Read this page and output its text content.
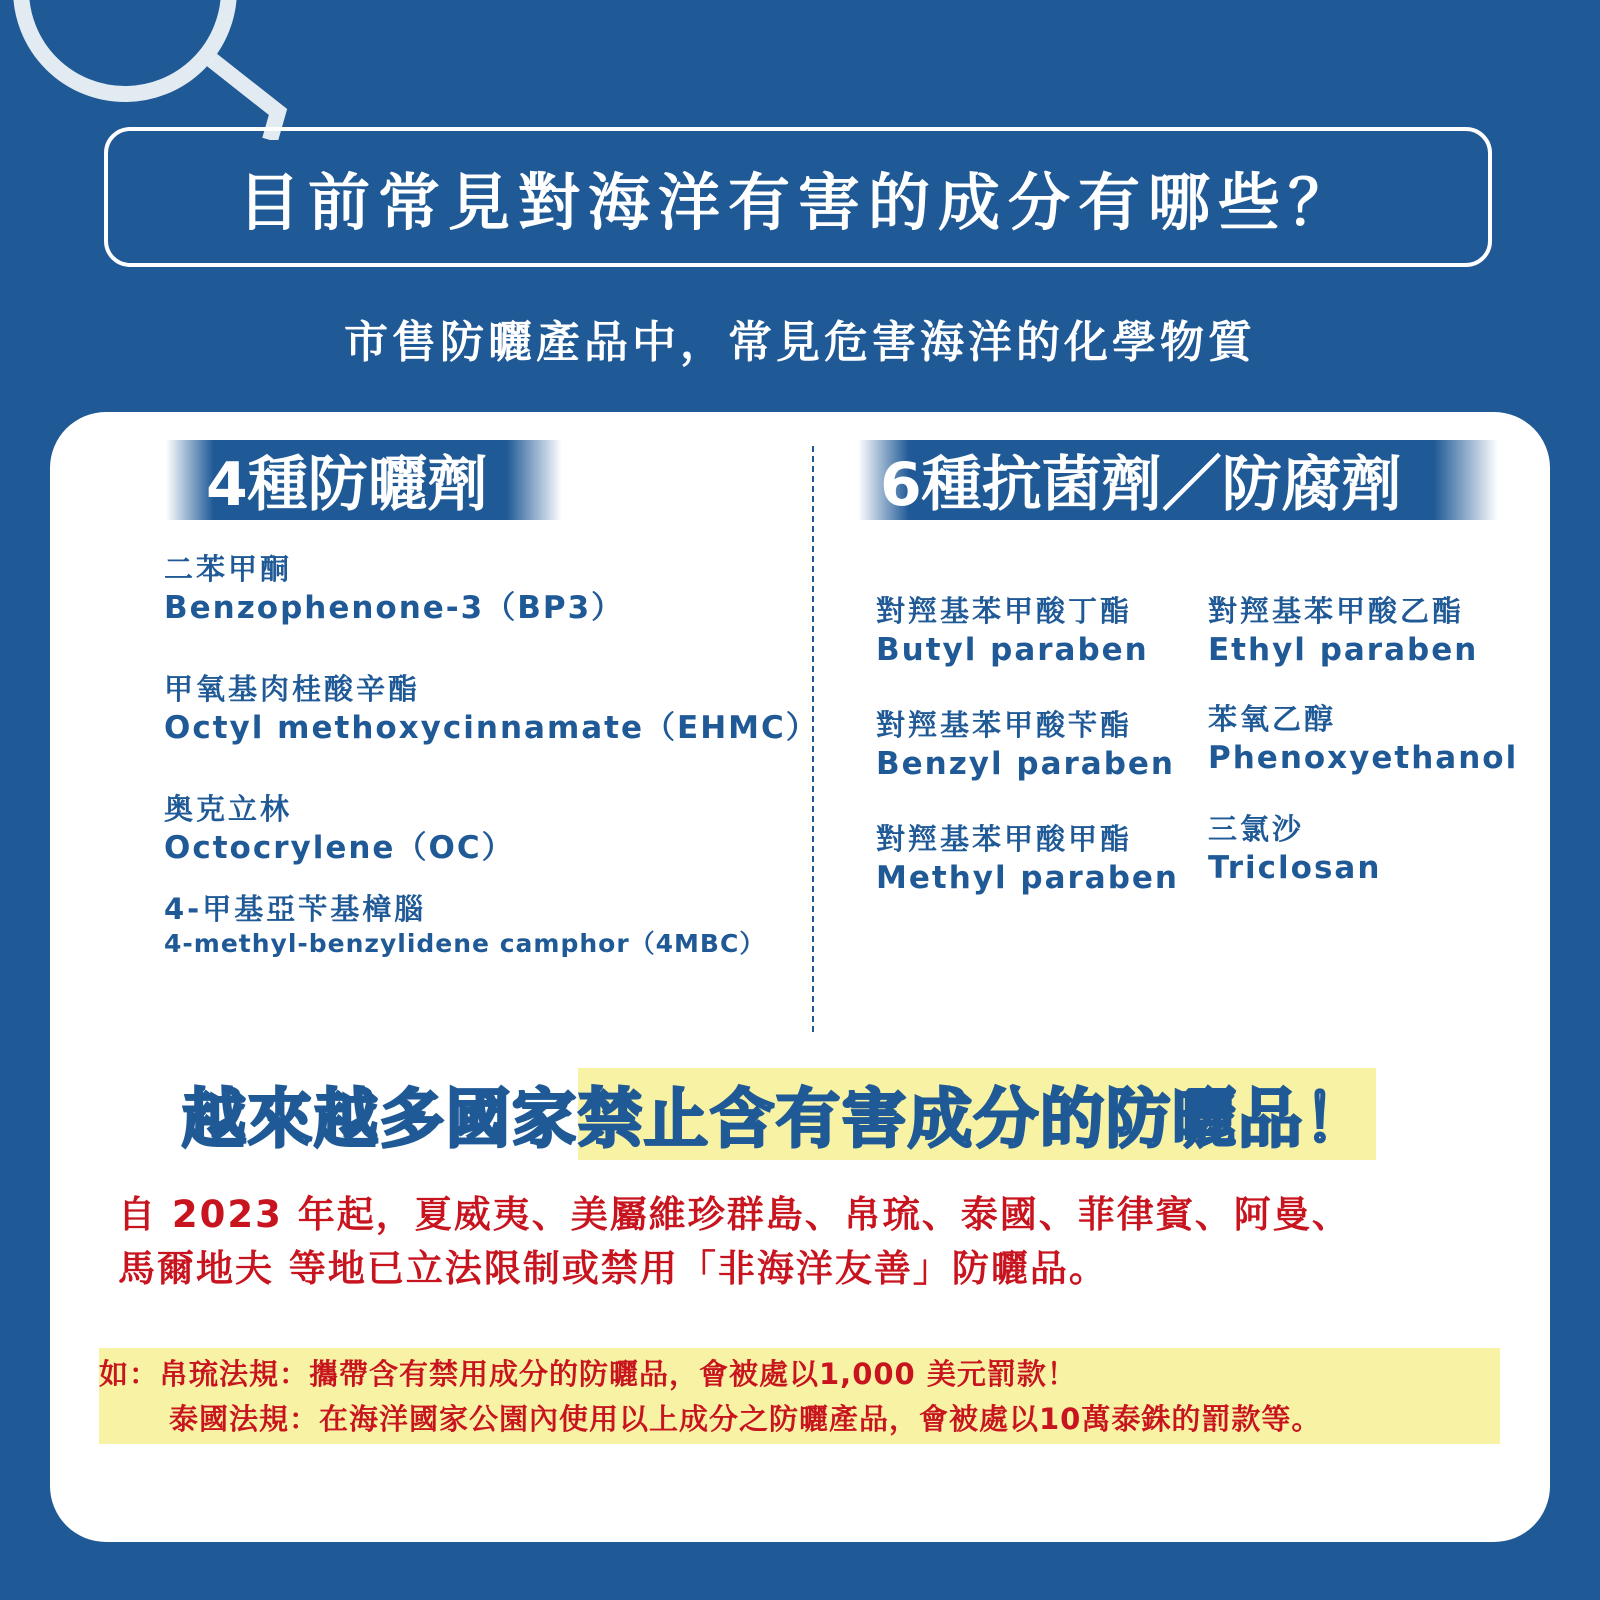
目前常見對海洋有害的成分有哪些？
市售防曬產品中，常見危害海洋的化學物質
4種防曬劑	6種抗菌劑／防腐劑
二苯甲酮
Benzophenone-3（BP3）
甲氧基肉桂酸辛酯
Octyl methoxycinnamate（EHMC）
奥克立林
Octocrylene（OC）
4-甲基亞苄基樟腦
4-methyl-benzylidene camphor（4MBC）
對羥基苯甲酸丁酯
Butyl paraben
對羥基苯甲酸乙酯
Ethyl paraben
對羥基苯甲酸苄酯
Benzyl paraben
苯氧乙醇
Phenoxyethanol
對羥基苯甲酸甲酯
Methyl paraben
三氯沙
Triclosan
越來越多國家 禁止含有害成分的防曬品！
自 2023 年起，夏威夷、美屬維珍群島、帛琉、泰國、菲律賓、阿曼、
馬爾地夫 等地已立法限制或禁用「非海洋友善」防曬品。
如：帛琉法規：攜帶含有禁用成分的防曬品，會被處以1,000 美元罰款！
泰國法規：在海洋國家公園內使用以上成分之防曬產品，會被處以10萬泰銖的罰款等。
